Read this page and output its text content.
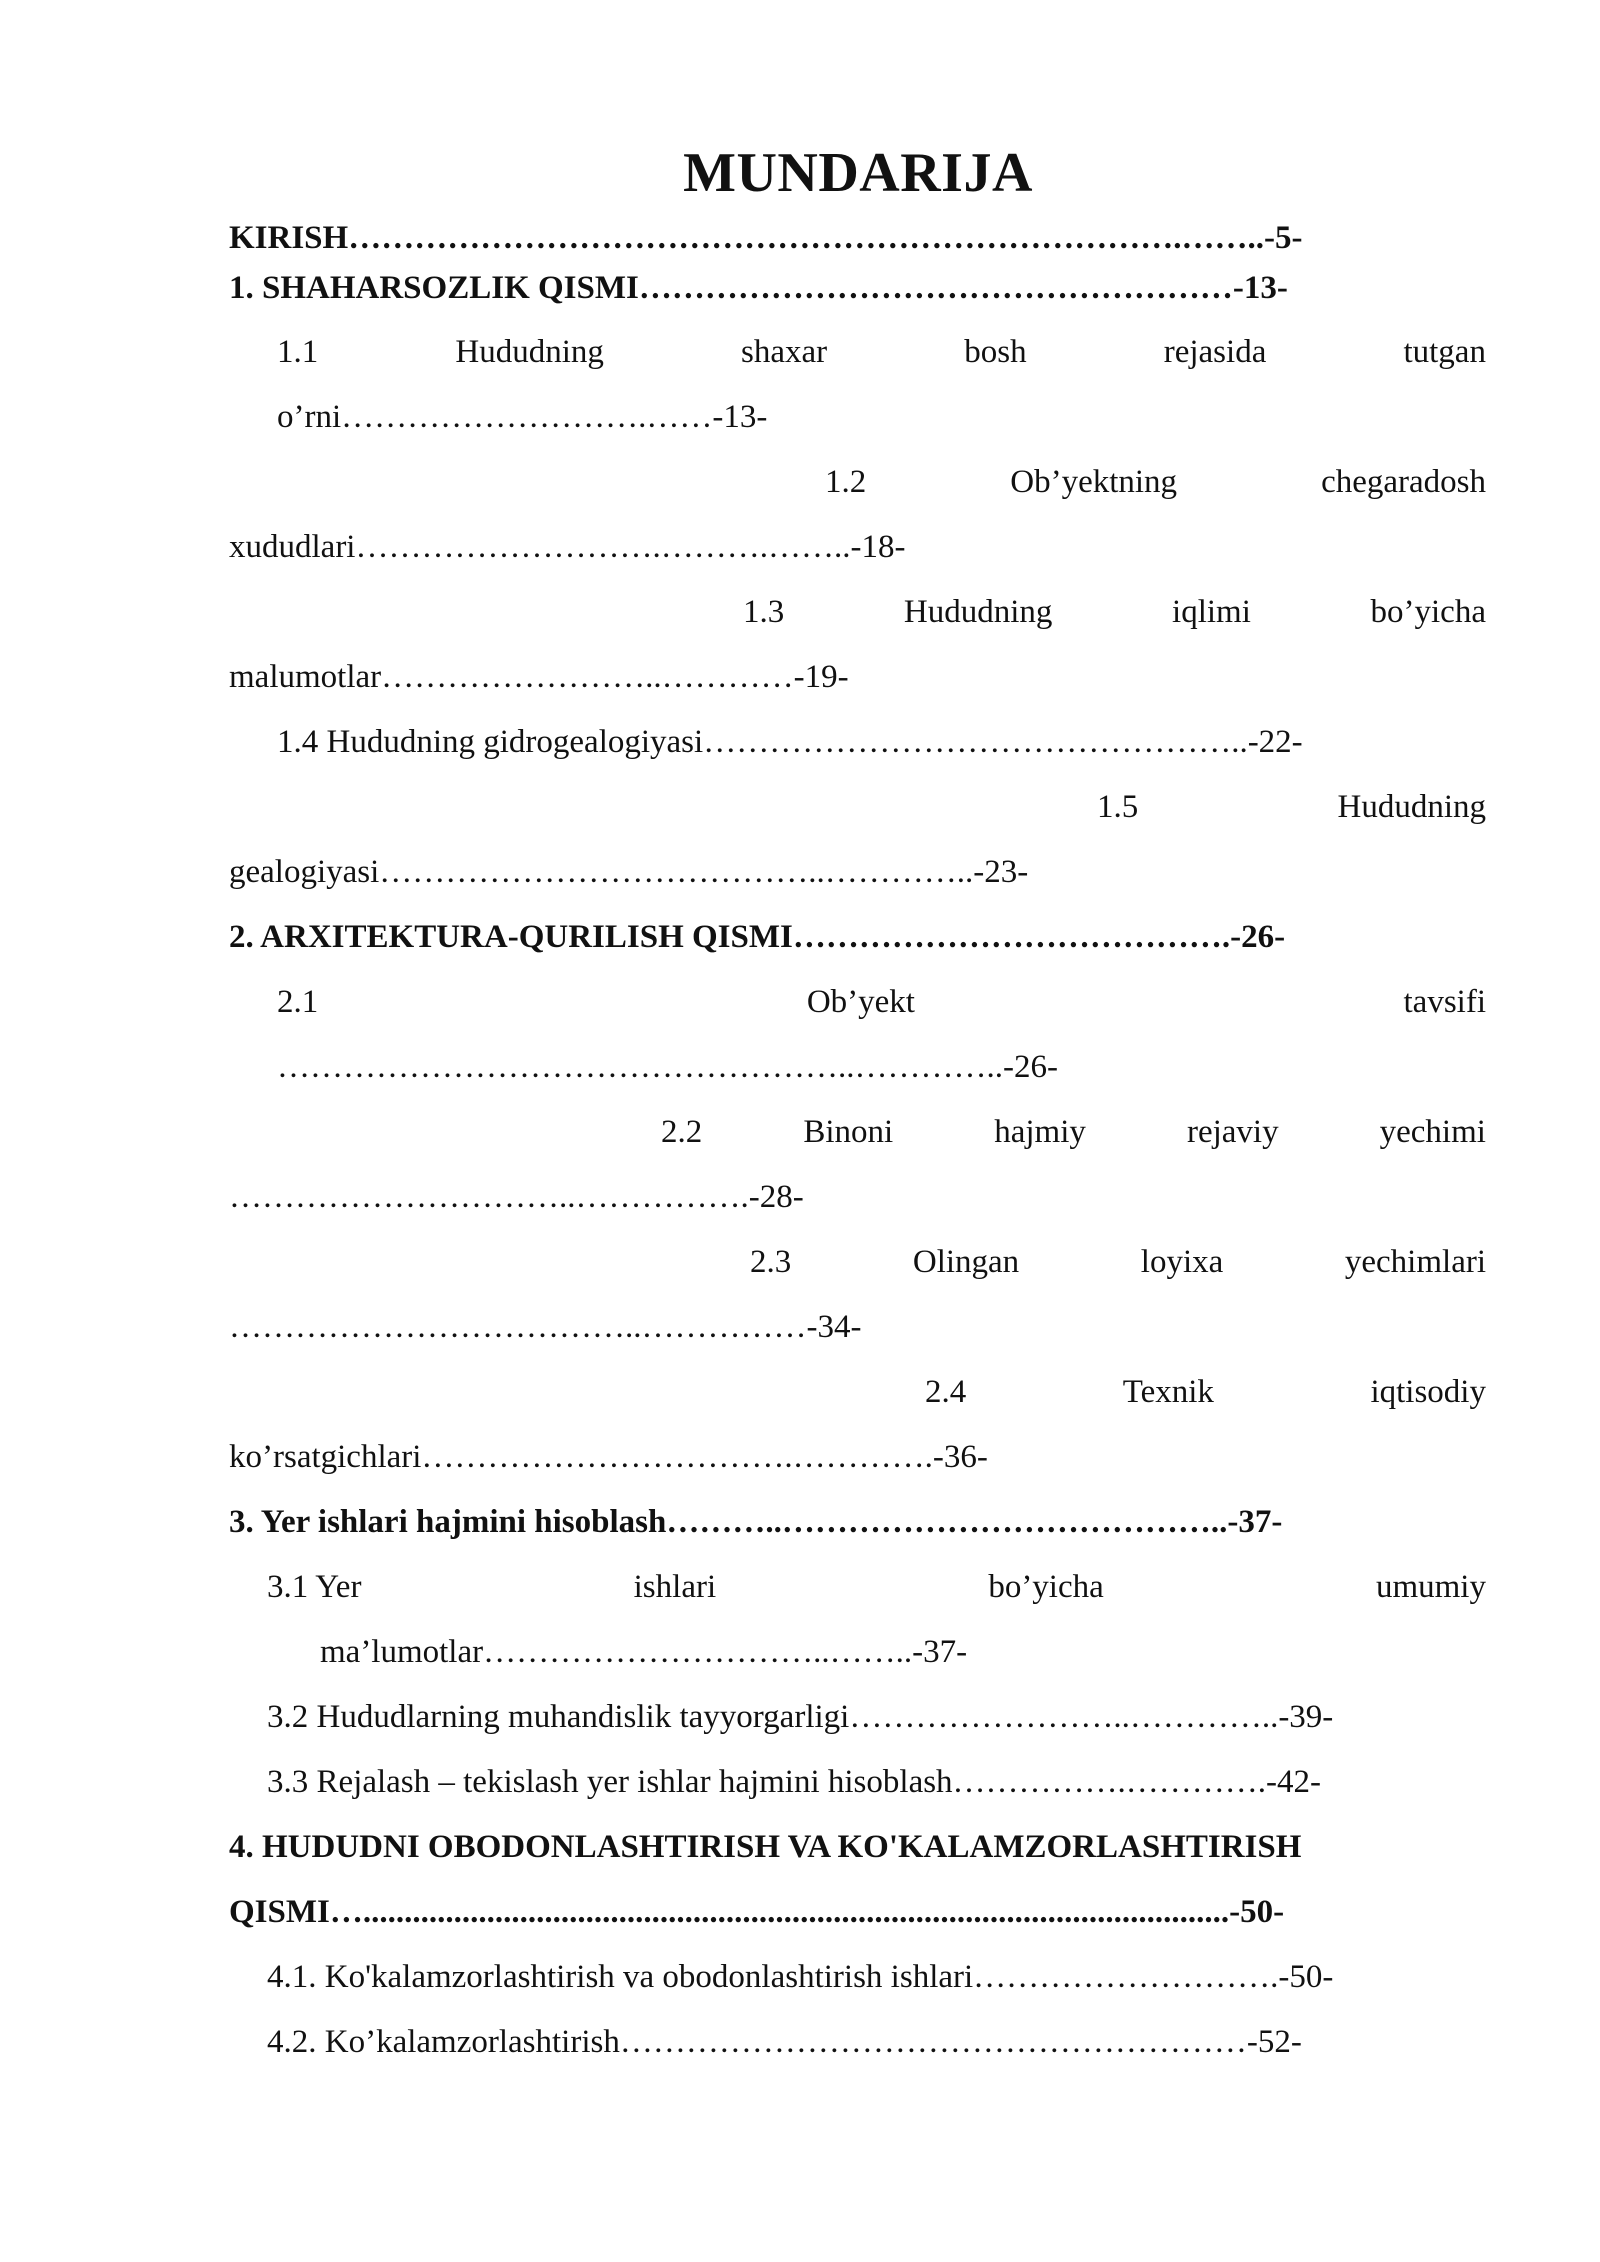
MUNDARIJA
KIRISH………………………………………………………………….……..-5-
1. SHAHARSOZLIK QISMI………………………………………………-13-
1.1	Hududning	shaxar	bosh	rejasida	tutgan
o’rni……………………….……-13-
1.2	Ob’yektning	chegaradosh
xududlari……………………….……….……..-18-
1.3	Hududning	iqlimi	bo’yicha
malumotlar……………………..…………-19-
1.4 Hududning gidrogealogiyasi…………………………………………..-22-
1.5	Hududning
gealogiyasi…………………………………..…………..-23-
2. ARXITEKTURA-QURILISH QISMI………………………………….-26-
2.1	Ob’yekt	tavsifi
……………………………………………..…………..-26-
2.2	Binoni	hajmiy	rejaviy	yechimi
…………………………..…………….-28-
2.3	Olingan	loyixa	yechimlari
………………………………..……………-34-
2.4	Texnik	iqtisodiy
ko’rsatgichlari…………………………….………….-36-
3. Yer ishlari hajmini hisoblash………..…………………………………..-37-
3.1 Yer	ishlari	bo’yicha	umumiy
ma’lumotlar…………………………..……..-37-
3.2 Hududlarning muhandislik tayyorgarligi……………………..…………..-39-
3.3 Rejalash – tekislash yer ishlar hajmini hisoblash…………….………….-42-
4. HUDUDNI OBODONLASHTIRISH VA KO'KALAMZORLASHTIRISH
QISMI….........................................................................................................-50-
4.1. Ko'kalamzorlashtirish va obodonlashtirish ishlari……………………….-50-
4.2. Ko’kalamzorlashtirish…………………………………………………-52-
